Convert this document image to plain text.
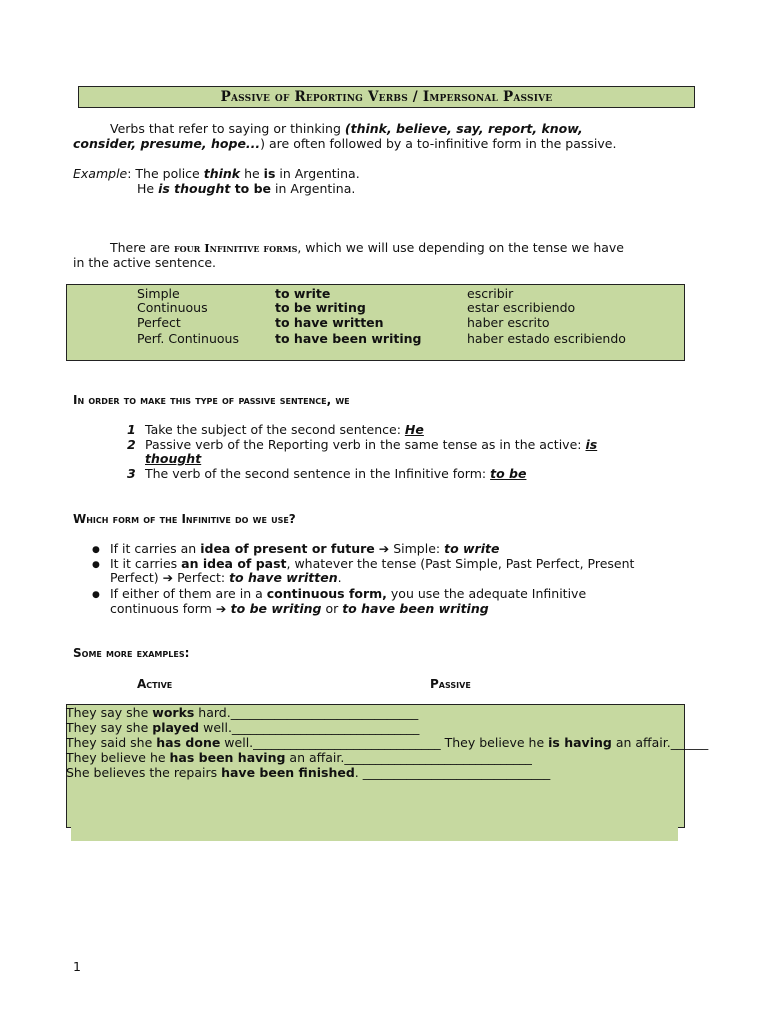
Passive of Reporting Verbs / Impersonal Passive
Verbs that refer to saying or thinking (think, believe, say, report, know,
consider, presume, hope...) are often followed by a to-infinitive form in the passive.
Example: The police think he is in Argentina.
He is thought to be in Argentina.
There are four Infinitive forms, which we will use depending on the tense we have
in the active sentence.
Simple	to write	escribir
Continuous	to be writing	estar escribiendo
Perfect	to have written	haber escrito
Perf. Continuous	to have been writing	haber estado escribiendo
In order to make this type of passive sentence, we
1 Take the subject of the second sentence: He
2 Passive verb of the Reporting verb in the same tense as in the active: is
thought
3 The verb of the second sentence in the Infinitive form: to be
Which form of the Infinitive do we use?
● If it carries an idea of present or future ➔ Simple: to write
● It it carries an idea of past, whatever the tense (Past Simple, Past Perfect, Present
Perfect) ➔ Perfect: to have written.
● If either of them are in a continuous form, you use the adequate Infinitive
continuous form ➔ to be writing or to have been writing
Some more examples:
Active	Passive
They say she works hard.______________________________
They say she played well.______________________________
They said she has done well.______________________________ They believe he is having an affair.______
They believe he has been having an affair.______________________________
She believes the repairs have been finished. ______________________________
1
